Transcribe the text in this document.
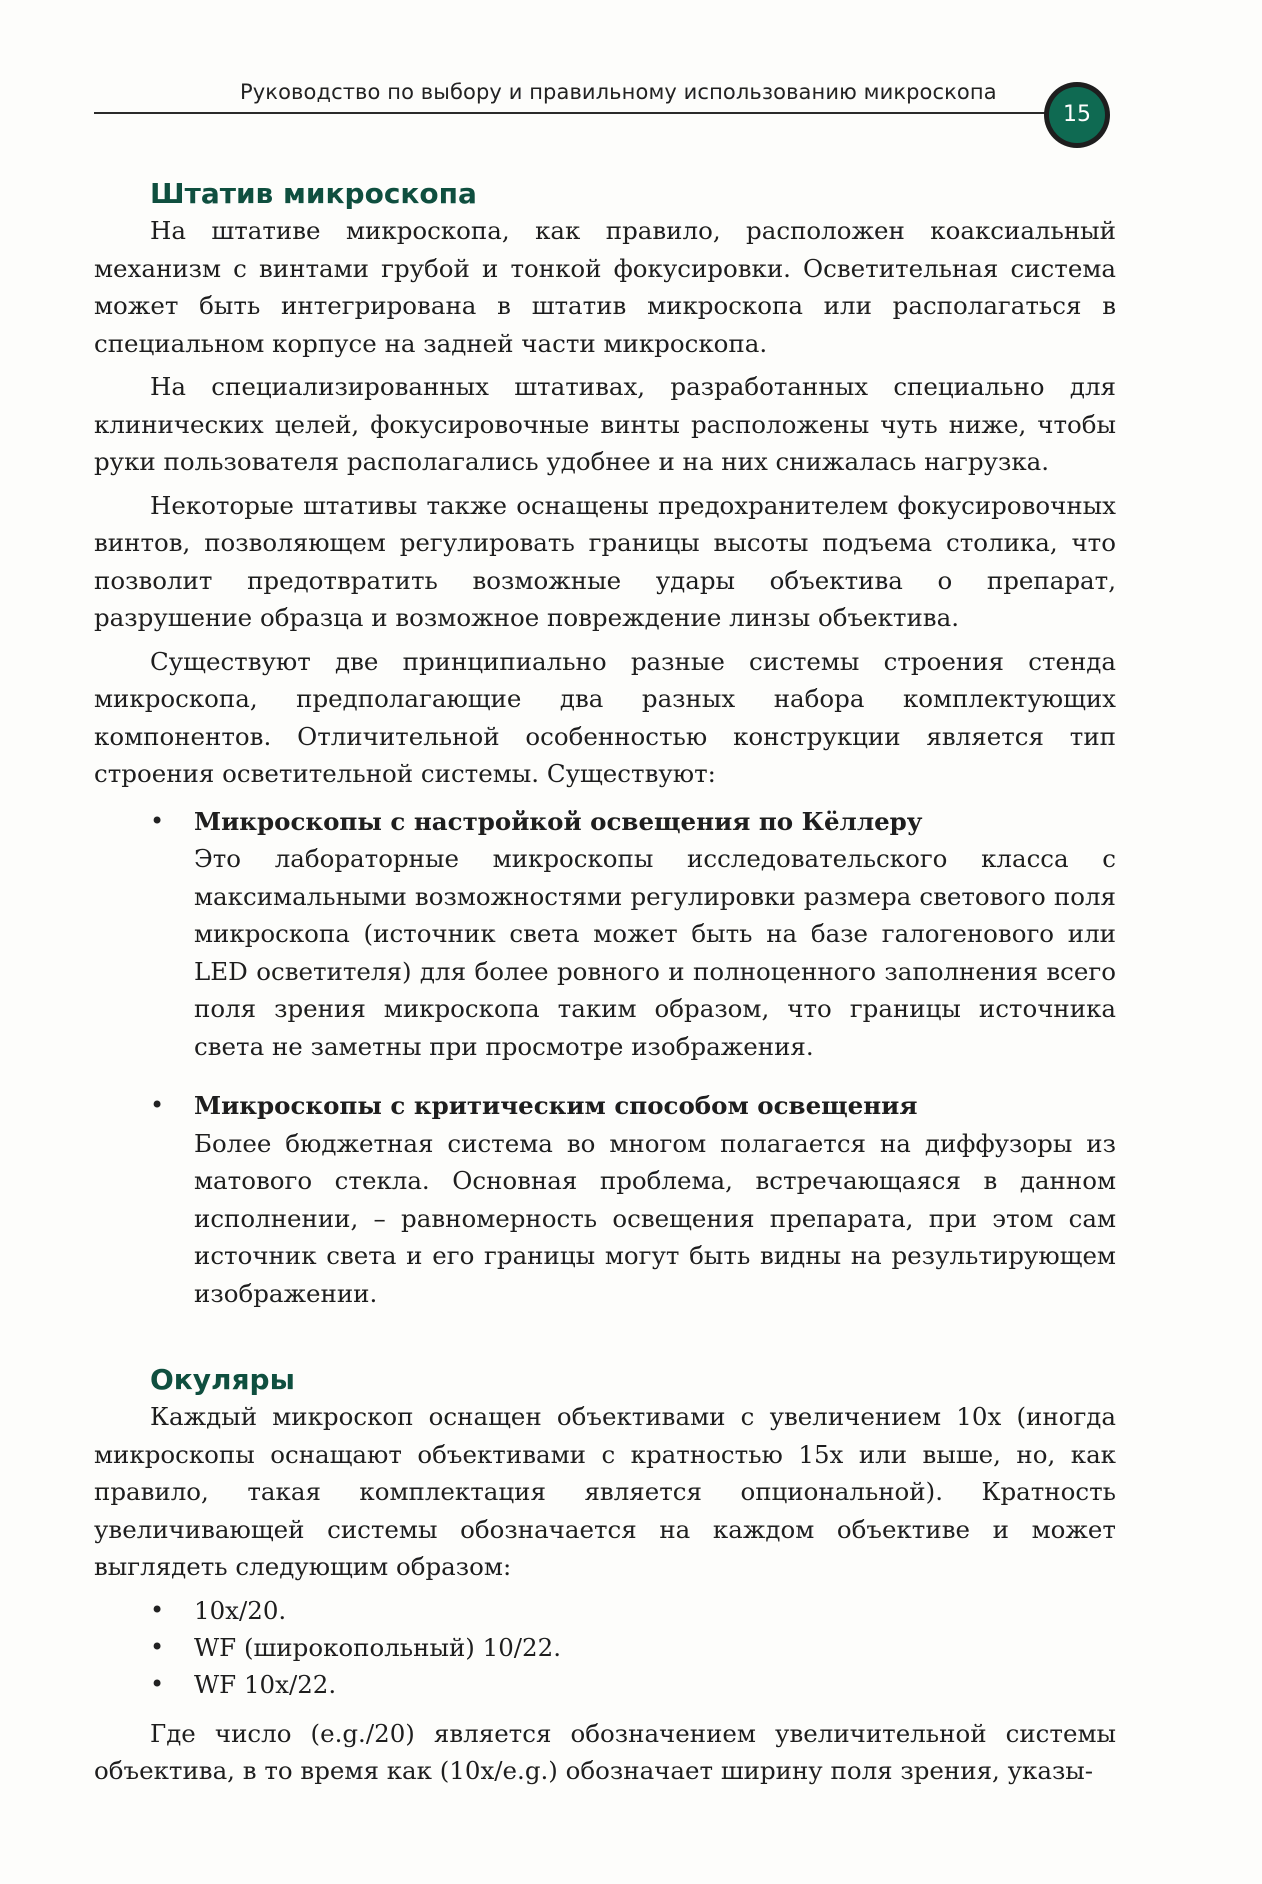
Руководство по выбору и правильному использованию микроскопа
15
Штатив микроскопа

На штативе микроскопа, как правило, расположен коаксиальный механизм с винтами грубой и тонкой фокусировки. Осветительная система может быть интегрирована в штатив микроскопа или располагаться в специальном корпусе на задней части микроскопа.

На специализированных штативах, разработанных специально для клинических целей, фокусировочные винты расположены чуть ниже, чтобы руки пользователя располагались удобнее и на них снижалась нагрузка.

Некоторые штативы также оснащены предохранителем фокусировочных винтов, позволяющем регулировать границы высоты подъема столика, что позволит предотвратить возможные удары объектива о препарат, разрушение образца и возможное повреждение линзы объектива.

Существуют две принципиально разные системы строения стенда микроскопа, предполагающие два разных набора комплектующих компонентов. Отличительной особенностью конструкции является тип строения осветительной системы. Существуют:

• Микроскопы с настройкой освещения по Кёллеру
Это лабораторные микроскопы исследовательского класса с максимальными возможностями регулировки размера светового поля микроскопа (источник света может быть на базе галогенового или LED осветителя) для более ровного и полноценного заполнения всего поля зрения микроскопа таким образом, что границы источника света не заметны при просмотре изображения.
• Микроскопы с критическим способом освещения
Более бюджетная система во многом полагается на диффузоры из матового стекла. Основная проблема, встречающаяся в данном исполнении, – равномерность освещения препарата, при этом сам источник света и его границы могут быть видны на результирующем изображении.
Окуляры

Каждый микроскоп оснащен объективами с увеличением 10х (иногда микроскопы оснащают объективами с кратностью 15х или выше, но, как правило, такая комплектация является опциональной). Кратность увеличивающей системы обозначается на каждом объективе и может выглядеть следующим образом:

• 10x/20.
• WF (широкопольный) 10/22.
• WF 10x/22.

Где число (e.g./20) является обозначением увеличительной системы объектива, в то время как (10x/e.g.) обозначает ширину поля зрения, указы-
